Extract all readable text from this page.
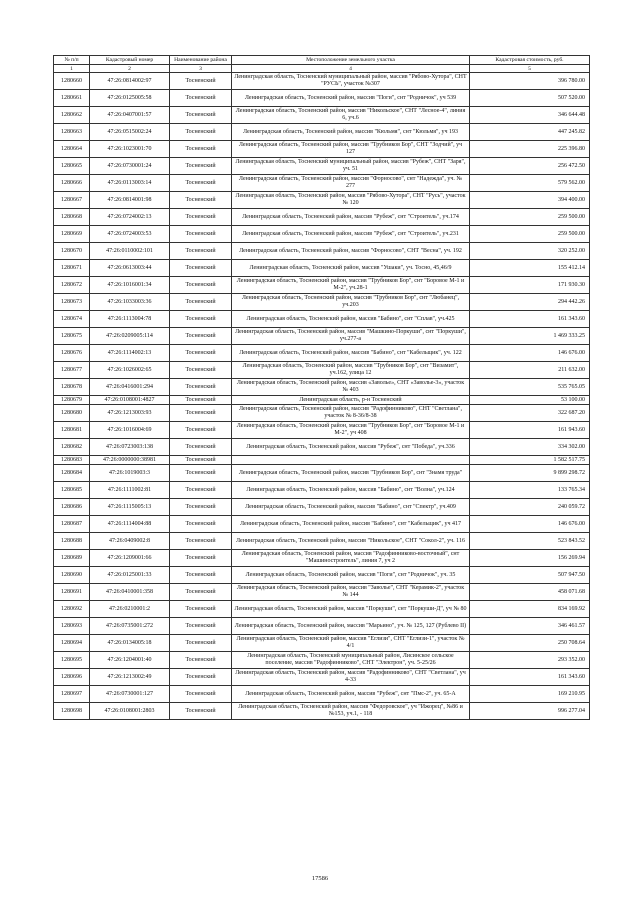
№ п/п	Кадастровый номер	Наименование района	Местоположение земельного участка	Кадастровая стоимость, руб.
1	2	3	4	5
1280660	47:26:0814002:97	Тосненский	Ленинградская область, Тосненский муниципальный район, массив "Рябово-Хутора", СНТ "РУСЬ", участок №307	396 780.00
1280661	47:26:0125005:58	Тосненский	Ленинградская область, Тосненский район, массив "Поги", снт "Родничок", уч 539	507 520.00
1280662	47:26:0407001:57	Тосненский	Ленинградская область, Тосненский район, массив "Никольское", СНТ "Лесное-4", линия 6, уч.6	346 644.48
1280663	47:26:0515002:24	Тосненский	Ленинградская область, Тосненский район, массив "Кюльмя", снт "Кюльмя", уч 193	447 245.82
1280664	47:26:1023001:70	Тосненский	Ленинградская область, Тосненский район, массив "Трубников Бор", СНТ "Зодчий", уч 127	225 396.80
1280665	47:26:0730001:24	Тосненский	Ленинградская область, Тосненский муниципальный район, массив "Рубеж", СНТ "Заря", уч. 51	256 472.50
1280666	47:26:0113003:14	Тосненский	Ленинградская область, Тосненский район, массив "Форносово", снт "Надежда", уч. № 277	579 562.00
1280667	47:26:0814001:98	Тосненский	Ленинградская область, Тосненский район, массив "Рябово-Хутора", СНТ "Русь", участок № 120	394 400.00
1280668	47:26:0724002:13	Тосненский	Ленинградская область, Тосненский район, массив "Рубеж", снт "Строитель", уч.174	259 500.00
1280669	47:26:0724003:53	Тосненский	Ленинградская область, Тосненский район, массив "Рубеж", снт "Строитель", уч.231	259 500.00
1280670	47:26:0110002:101	Тосненский	Ленинградская область, Тосненский район, массив "Форносово", СНТ "Весна", уч. 192	320 252.00
1280671	47:26:0613003:44	Тосненский	Ленинградская область, Тосненский район, массив "Ушаки", уч. Тосно, 45,46/9	155 412.14
1280672	47:26:1016001:34	Тосненский	Ленинградская область, Тосненский район, массив "Трубников Бор", снт "Боровое М-1 и М-2", уч.28-1	171 930.30
1280673	47:26:1033003:36	Тосненский	Ленинградская область, Тосненский район, массив "Трубников Бор", снт "Любанец", уч.203	294 442.26
1280674	47:26:1113004:78	Тосненский	Ленинградская область, Тосненский район, массив "Бабино", снт "Сплав", уч.425	161 343.60
1280675	47:26:0209005:114	Тосненский	Ленинградская область, Тосненский район, массив "Машкино-Поркуши", снт "Поркуши", уч.277-а	1 469 333.25
1280676	47:26:1114002:13	Тосненский	Ленинградская область, Тосненский район, массив "Бабино", снт "Кабельщик", уч. 122	146 676.00
1280677	47:26:1026002:65	Тосненский	Ленинградская область, Тосненский район, массив "Трубников Бор", снт "Визамит", уч.162, улица 12	211 632.00
1280678	47:26:0416001:294	Тосненский	Ленинградская область, Тосненский район, массив «Заволье», СНТ «Заволье-3», участок № 403	535 765.05
1280679	47:26:0108001:4827	Тосненский	Ленинградская область, р-н Тосненский	53 100.00
1280680	47:26:1213003:93	Тосненский	Ленинградская область, Тосненский район, массив "Радофинниково", СНТ "Светлана", участок № 8-36/8-38	322 687.20
1280681	47:26:1016004:69	Тосненский	Ленинградская область, Тосненский район, массив "Трубников Бор", снт "Боровое М-1 и М-2", уч 408	161 943.60
1280682	47:26:0723003:138	Тосненский	Ленинградская область, Тосненский район, массив "Рубеж", снт "Победа", уч.336	334 302.00
1280683	47:26:0000000:38981	Тосненский		1 582 517.75
1280684	47:26:1019003:3	Тосненский	Ленинградская область, Тосненский район, массив "Трубников Бор", снт "Знамя труда"	9 899 298.72
1280685	47:26:1111002:81	Тосненский	Ленинградская область, Тосненский район, массив "Бабино", снт "Волна", уч.124	133 765.34
1280686	47:26:1115005:13	Тосненский	Ленинградская область, Тосненский район, массив "Бабино", снт "Спектр", уч.409	240 059.72
1280687	47:26:1114004:88	Тосненский	Ленинградская область, Тосненский район, массив "Бабино", снт "Кабельщик", уч 417	146 676.00
1280688	47:26:0409002:8	Тосненский	Ленинградская область, Тосненский район, массив "Никольское", СНТ "Сокол-2", уч. 116	523 843.52
1280689	47:26:1209001:66	Тосненский	Ленинградская область, Тосненский район, массив "Радофинниково-восточный", снт "Машиностроитель", линия 7, уч 2	156 269.94
1280690	47:26:0125001:33	Тосненский	Ленинградская область, Тосненский район, массив "Поги", снт "Родничок", уч. 35	507 947.50
1280691	47:26:0410001:358	Тосненский	Ленинградская область, Тосненский район, массив "Заволье", СНТ "Керамик-2", участок № 144	458 071.68
1280692	47:26:0210001:2	Тосненский	Ленинградская область, Тосненский район, массив "Поркуши", снт "Поркуши-Д", уч № 80	834 169.92
1280693	47:26:0735001:272	Тосненский	Ленинградская область, Тосненский район, массив "Марьино", уч. № 125, 127 (Рублево II)	346 461.57
1280694	47:26:0134005:18	Тосненский	Ленинградская область, Тосненский район, массив "Еглизи", СНТ "Еглизи-1", участок № 4/1	250 708.64
1280695	47:26:1204001:40	Тосненский	Ленинградская область, Тосненский муниципальный район, Лисинское сельское поселение, массив "Радофинниково", СНТ "Электрон", уч. 5-25/26	293 352.00
1280696	47:26:1213002:49	Тосненский	Ленинградская область, Тосненский район, массив "Радофинниково", СНТ "Светлана", уч 4-33	161 343.60
1280697	47:26:0730001:127	Тосненский	Ленинградская область, Тосненский район, массив "Рубеж", снт "Пмс-2", уч. 65-А	169 210.95
1280698	47:26:0108001:2803	Тосненский	Ленинградская область, Тосненский район, массив "Федоровское", уч "Ижорец", №86 и №153, уч.1, - 118	996 277.04
17586
